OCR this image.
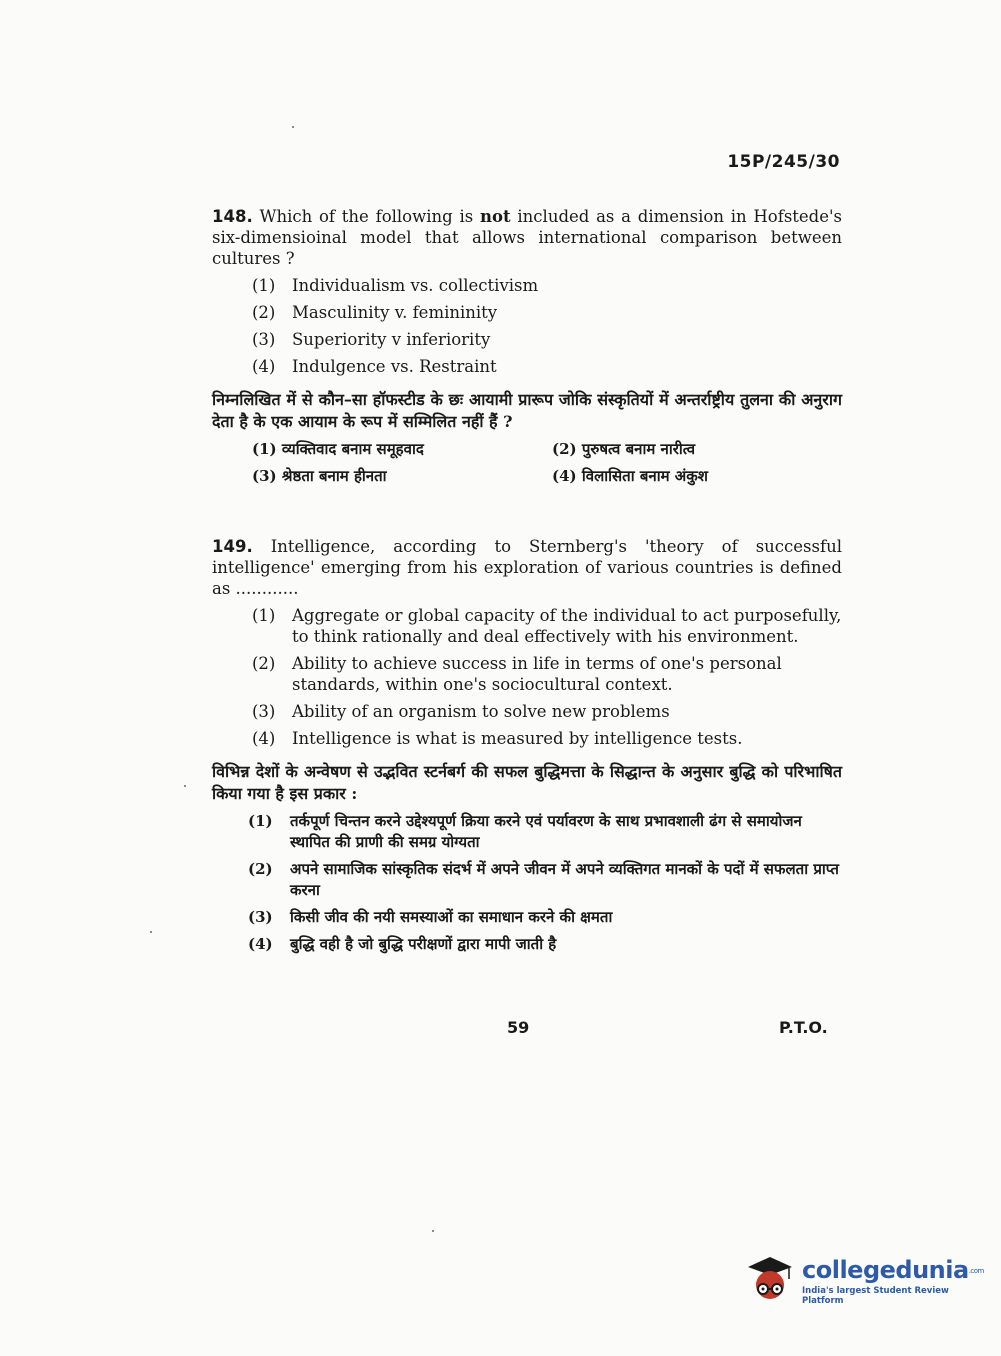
15P/245/30
148. Which of the following is not included as a dimension in Hofstede's six-dimensioinal model that allows international comparison between cultures ?
(1)	Individualism vs. collectivism
(2)	Masculinity v. femininity
(3)	Superiority v inferiority
(4)	Indulgence vs. Restraint
निम्नलिखित में से कौन–सा हॉफस्टीड के छः आयामी प्रारूप जोकि संस्कृतियों में अन्तर्राष्ट्रीय तुलना की अनुराग देता है के एक आयाम के रूप में सम्मिलित नहीं हैं ?
(1) व्यक्तिवाद बनाम समूहवाद	(2) पुरुषत्व बनाम नारीत्व
(3) श्रेष्ठता बनाम हीनता	(4) विलासिता बनाम अंकुश
149. Intelligence, according to Sternberg's 'theory of successful intelligence' emerging from his exploration of various countries is defined as ............
(1)	Aggregate or global capacity of the individual to act purposefully, to think rationally and deal effectively with his environment.
(2)	Ability to achieve success in life in terms of one's personal standards, within one's sociocultural context.
(3)	Ability of an organism to solve new problems
(4)	Intelligence is what is measured by intelligence tests.
विभिन्न देशों के अन्वेषण से उद्भवित स्टर्नबर्ग की सफल बुद्धिमत्ता के सिद्धान्त के अनुसार बुद्धि को परिभाषित किया गया है इस प्रकार :
(1)	तर्कपूर्ण चिन्तन करने उद्देश्यपूर्ण क्रिया करने एवं पर्यावरण के साथ प्रभावशाली ढंग से समायोजन स्थापित की प्राणी की समग्र योग्यता
(2)	अपने सामाजिक सांस्कृतिक संदर्भ में अपने जीवन में अपने व्यक्तिगत मानकों के पदों में सफलता प्राप्त करना
(3)	किसी जीव की नयी समस्याओं का समाधान करने की क्षमता
(4)	बुद्धि वही है जो बुद्धि परीक्षणों द्वारा मापी जाती है
59	P.T.O.
collegedunia.com
India's largest Student Review Platform
